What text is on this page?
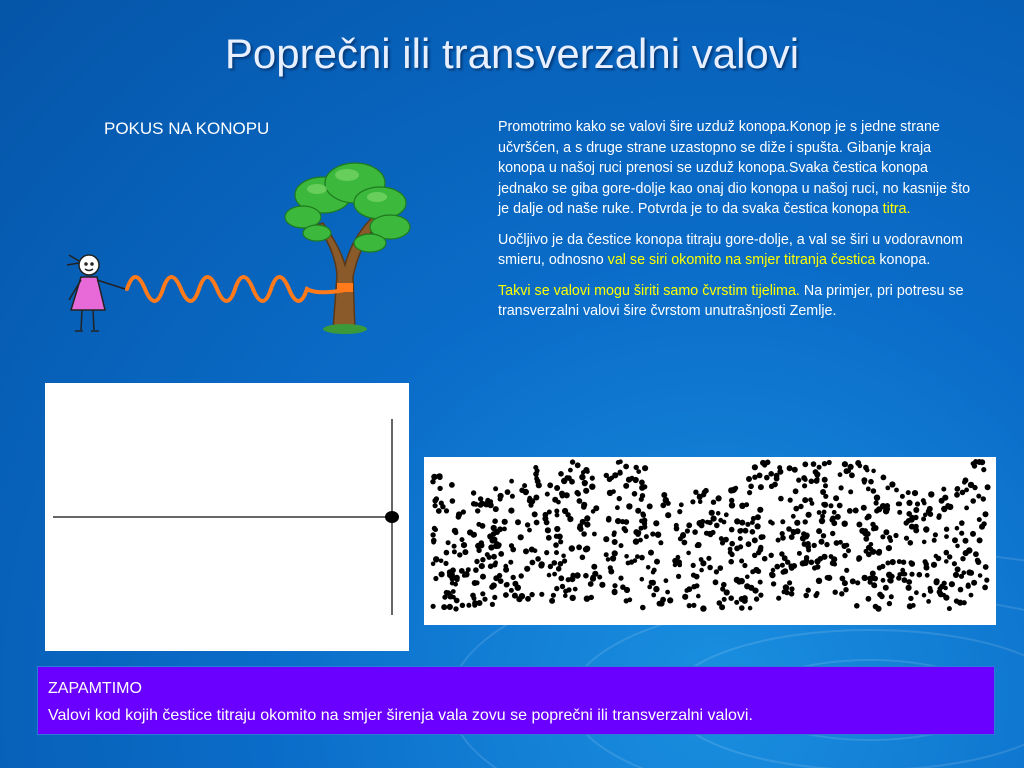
Poprečni ili transverzalni valovi
POKUS NA KONOPU	Promotrimo kako se valovi šire uzduž konopa.Konop je s jedne strane učvršćen, a s druge strane uzastopno se diže i spušta. Gibanje kraja konopa u našoj ruci prenosi se uzduž konopa.Svaka čestica konopa jednako se giba gore-dolje kao onaj dio konopa u našoj ruci, no kasnije što je dalje od naše ruke. Potvrda je to da svaka čestica konopa titra.

Uočljivo je da čestice konopa titraju gore-dolje, a val se širi u vodoravnom smieru, odnosno val se siri okomito na smjer titranja čestica konopa.

Takvi se valovi mogu širiti samo čvrstim tijelima. Na primjer, pri potresu se transverzalni valovi šire čvrstom unutrašnjosti Zemlje.

ZAPAMTIMO
Valovi kod kojih čestice titraju okomito na smjer širenja vala zovu se poprečni ili transverzalni valovi.
